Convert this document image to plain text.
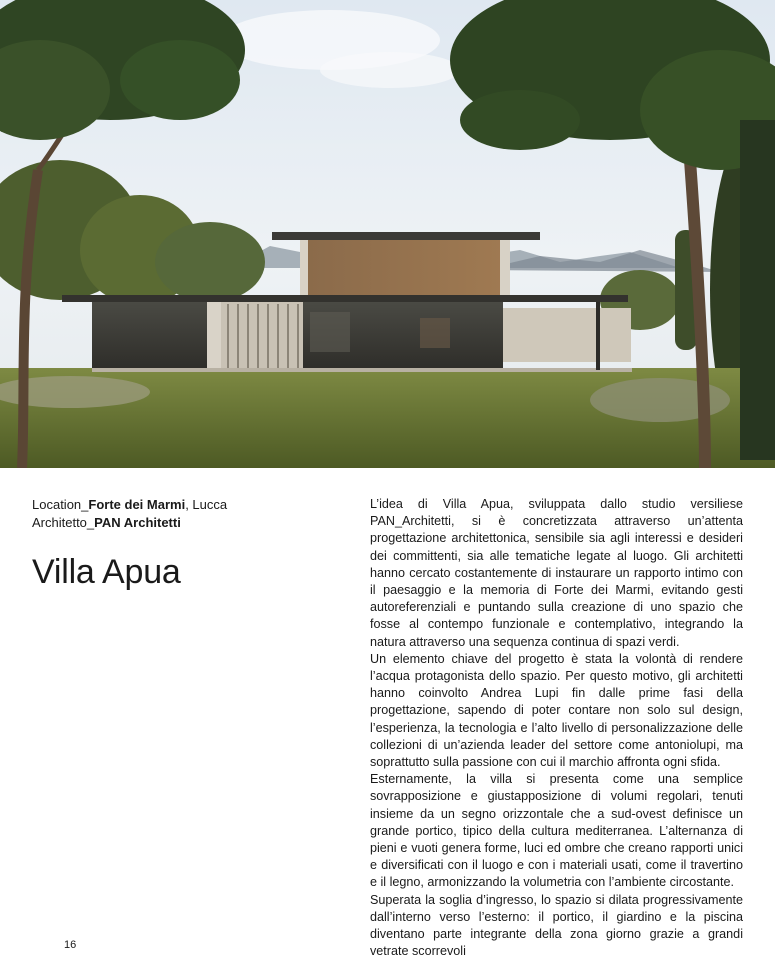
Location_Forte dei Marmi, Lucca
Architetto_PAN Architetti
Villa Apua

L’idea di Villa Apua, sviluppata dallo studio versiliese PAN_Architetti, si è concretizzata attraverso un’attenta progettazione architettonica, sensibile sia agli interessi e desideri dei committenti, sia alle tematiche legate al luogo. Gli architetti hanno cercato costantemente di instaurare un rapporto intimo con il paesaggio e la memoria di Forte dei Marmi, evitando gesti autoreferenziali e puntando sulla creazione di uno spazio che fosse al contempo funzionale e contemplativo, integrando la natura attraverso una sequenza continua di spazi verdi.

Un elemento chiave del progetto è stata la volontà di rendere l’acqua protagonista dello spazio. Per questo motivo, gli architetti hanno coinvolto Andrea Lupi fin dalle prime fasi della progettazione, sapendo di poter contare non solo sul design, l’esperienza, la tecnologia e l’alto livello di personalizzazione delle collezioni di un’azienda leader del settore come antoniolupi, ma soprattutto sulla passione con cui il marchio affronta ogni sfida.

Esternamente, la villa si presenta come una semplice sovrapposizione e giustapposizione di volumi regolari, tenuti insieme da un segno orizzontale che a sud-ovest definisce un grande portico, tipico della cultura mediterranea. L’alternanza di pieni e vuoti genera forme, luci ed ombre che creano rapporti unici e diversificati con il luogo e con i materiali usati, come il travertino e il legno, armonizzando la volumetria con l’ambiente circostante.

Superata la soglia d’ingresso, lo spazio si dilata progressivamente dall’interno verso l’esterno: il portico, il giardino e la piscina diventano parte integrante della zona giorno grazie a grandi vetrate scorrevoli

16
